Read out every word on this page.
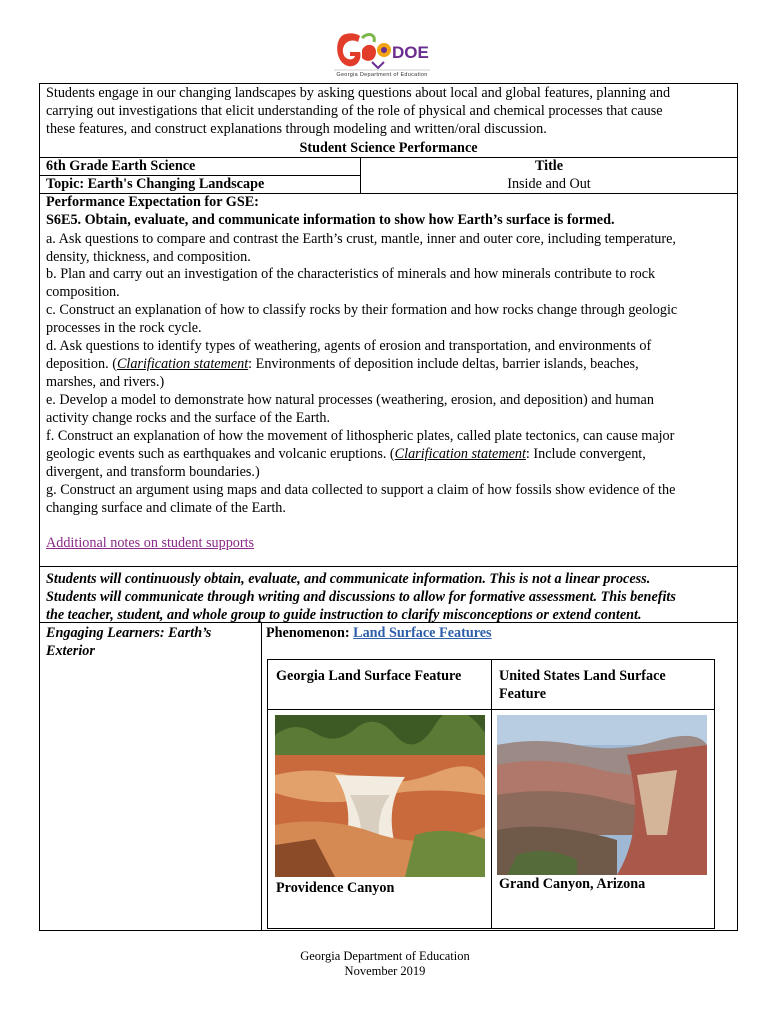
DOE
Georgia Department of Education
Students engage in our changing landscapes by asking questions about local and global features, planning and
carrying out investigations that elicit understanding of the role of physical and chemical processes that cause
these features, and construct explanations through modeling and written/oral discussion.
Student Science Performance
6th Grade Earth Science
Topic: Earth's Changing Landscape
Title
Inside and Out
Performance Expectation for GSE:
S6E5. Obtain, evaluate, and communicate information to show how Earth’s surface is formed.
a. Ask questions to compare and contrast the Earth’s crust, mantle, inner and outer core, including temperature,
density, thickness, and composition.
b. Plan and carry out an investigation of the characteristics of minerals and how minerals contribute to rock
composition.
c. Construct an explanation of how to classify rocks by their formation and how rocks change through geologic
processes in the rock cycle.
d. Ask questions to identify types of weathering, agents of erosion and transportation, and environments of
deposition. (Clarification statement: Environments of deposition include deltas, barrier islands, beaches,
marshes, and rivers.)
e. Develop a model to demonstrate how natural processes (weathering, erosion, and deposition) and human
activity change rocks and the surface of the Earth.
f. Construct an explanation of how the movement of lithospheric plates, called plate tectonics, can cause major
geologic events such as earthquakes and volcanic eruptions. (Clarification statement: Include convergent,
divergent, and transform boundaries.)
g. Construct an argument using maps and data collected to support a claim of how fossils show evidence of the
changing surface and climate of the Earth.
Additional notes on student supports
Students will continuously obtain, evaluate, and communicate information. This is not a linear process.
Students will communicate through writing and discussions to allow for formative assessment. This benefits
the teacher, student, and whole group to guide instruction to clarify misconceptions or extend content.
Engaging Learners: Earth’s
Exterior
Phenomenon: Land Surface Features
Georgia Land Surface Feature	United States Land Surface
Feature
Providence Canyon	Grand Canyon, Arizona
Georgia Department of Education
November 2019
